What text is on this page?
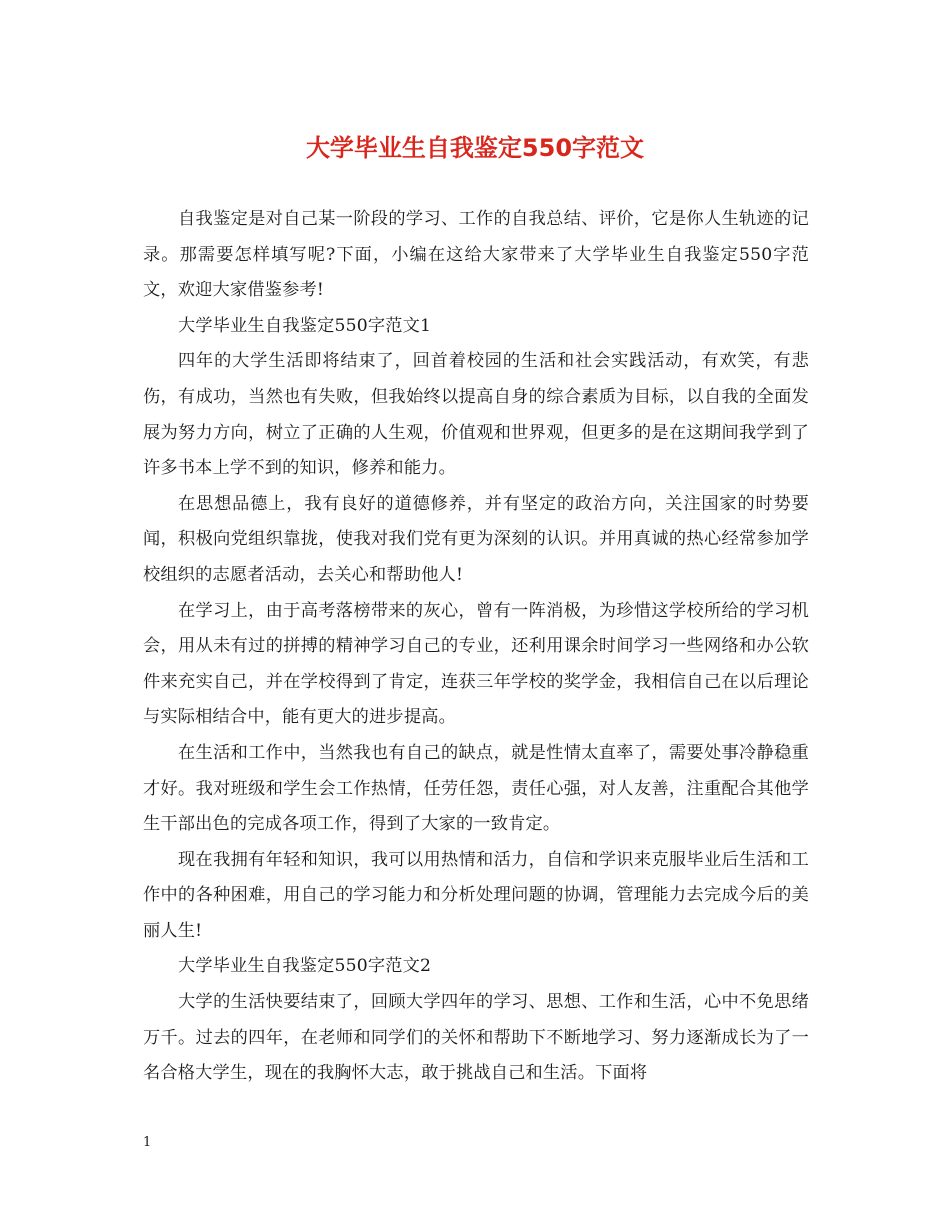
大学毕业生自我鉴定550字范文

自我鉴定是对自己某一阶段的学习、工作的自我总结、评价，它是你人生轨迹的记录。那需要怎样填写呢?下面，小编在这给大家带来了大学毕业生自我鉴定550字范文，欢迎大家借鉴参考!

大学毕业生自我鉴定550字范文1

四年的大学生活即将结束了，回首着校园的生活和社会实践活动，有欢笑，有悲伤，有成功，当然也有失败，但我始终以提高自身的综合素质为目标，以自我的全面发展为努力方向，树立了正确的人生观，价值观和世界观，但更多的是在这期间我学到了许多书本上学不到的知识，修养和能力。

在思想品德上，我有良好的道德修养，并有坚定的政治方向，关注国家的时势要闻，积极向党组织靠拢，使我对我们党有更为深刻的认识。并用真诚的热心经常参加学校组织的志愿者活动，去关心和帮助他人!

在学习上，由于高考落榜带来的灰心，曾有一阵消极，为珍惜这学校所给的学习机会，用从未有过的拼搏的精神学习自己的专业，还利用课余时间学习一些网络和办公软件来充实自己，并在学校得到了肯定，连获三年学校的奖学金，我相信自己在以后理论与实际相结合中，能有更大的进步提高。

在生活和工作中，当然我也有自己的缺点，就是性情太直率了，需要处事冷静稳重才好。我对班级和学生会工作热情，任劳任怨，责任心强，对人友善，注重配合其他学生干部出色的完成各项工作，得到了大家的一致肯定。

现在我拥有年轻和知识，我可以用热情和活力，自信和学识来克服毕业后生活和工作中的各种困难，用自己的学习能力和分析处理问题的协调，管理能力去完成今后的美丽人生!

大学毕业生自我鉴定550字范文2

大学的生活快要结束了，回顾大学四年的学习、思想、工作和生活，心中不免思绪万千。过去的四年，在老师和同学们的关怀和帮助下不断地学习、努力逐渐成长为了一名合格大学生，现在的我胸怀大志，敢于挑战自己和生活。下面将

1
